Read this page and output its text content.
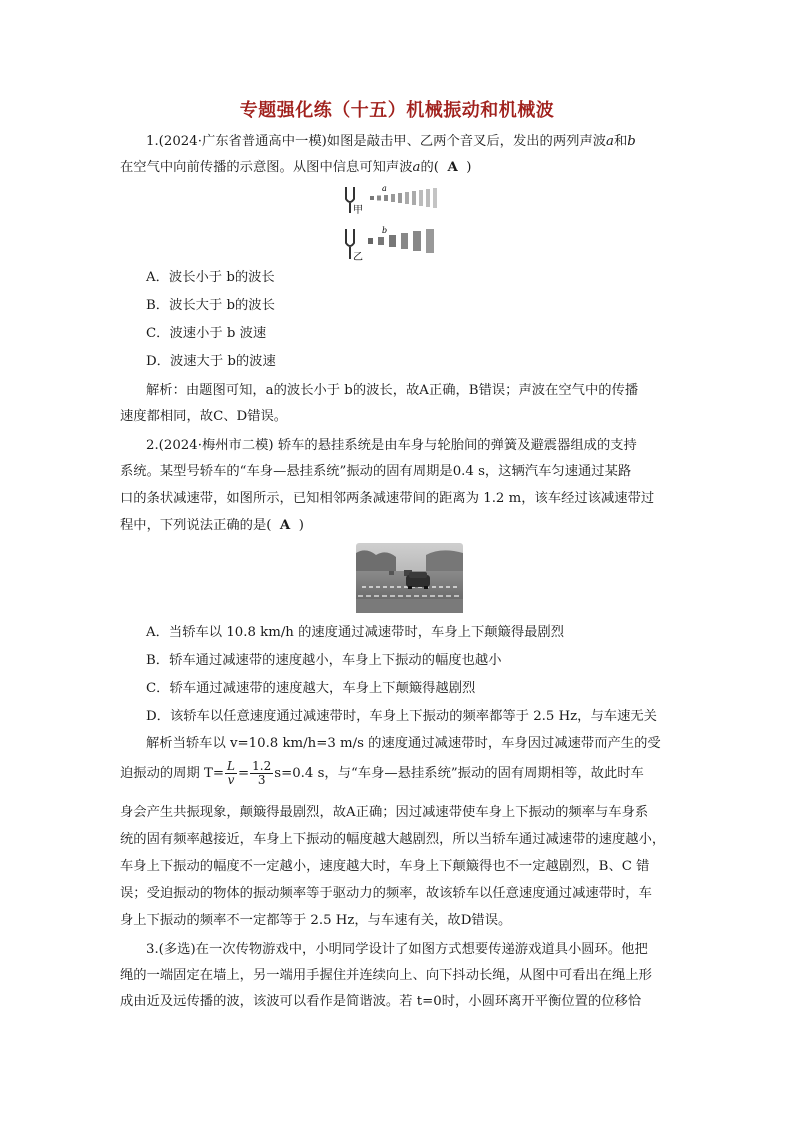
专题强化练（十五）机械振动和机械波
1.(2024·广东省普通高中一模)如图是敲击甲、乙两个音叉后，发出的两列声波a和b
在空气中向前传播的示意图。从图中信息可知声波a的( A )
甲
a
乙
b
A．波长小于 b的波长
B．波长大于 b的波长
C．波速小于 b 波速
D．波速大于 b的波速
解析：由题图可知，a的波长小于 b的波长，故A正确，B错误；声波在空气中的传播
速度都相同，故C、D错误。
2.(2024·梅州市二模) 轿车的悬挂系统是由车身与轮胎间的弹簧及避震器组成的支持
系统。某型号轿车的“车身—悬挂系统”振动的固有周期是0.4 s，这辆汽车匀速通过某路
口的条状减速带，如图所示，已知相邻两条减速带间的距离为 1.2 m，该车经过该减速带过
程中，下列说法正确的是( A )
A．当轿车以 10.8 km/h 的速度通过减速带时，车身上下颠簸得最剧烈
B．轿车通过减速带的速度越小，车身上下振动的幅度也越小
C．轿车通过减速带的速度越大，车身上下颠簸得越剧烈
D．该轿车以任意速度通过减速带时，车身上下振动的频率都等于 2.5 Hz，与车速无关
解析当轿车以 v=10.8 km/h=3 m/s 的速度通过减速带时，车身因过减速带而产生的受
迫振动的周期 $T= \frac{L}{v} = \frac{1.2}{3} s=0.4$ s，与“车身—悬挂系统”振动的固有周期相等，故此时车
身会产生共振现象，颠簸得最剧烈，故A正确；因过减速带使车身上下振动的频率与车身系
统的固有频率越接近，车身上下振动的幅度越大越剧烈，所以当轿车通过减速带的速度越小，
车身上下振动的幅度不一定越小，速度越大时，车身上下颠簸得也不一定越剧烈，B、C 错
误；受迫振动的物体的振动频率等于驱动力的频率，故该轿车以任意速度通过减速带时，车
身上下振动的频率不一定都等于 2.5 Hz，与车速有关，故D错误。
3.(多选)在一次传物游戏中，小明同学设计了如图方式想要传递游戏道具小圆环。他把
绳的一端固定在墙上，另一端用手握住并连续向上、向下抖动长绳，从图中可看出在绳上形
成由近及远传播的波，该波可以看作是简谐波。若 t=0时，小圆环离开平衡位置的位移恰
